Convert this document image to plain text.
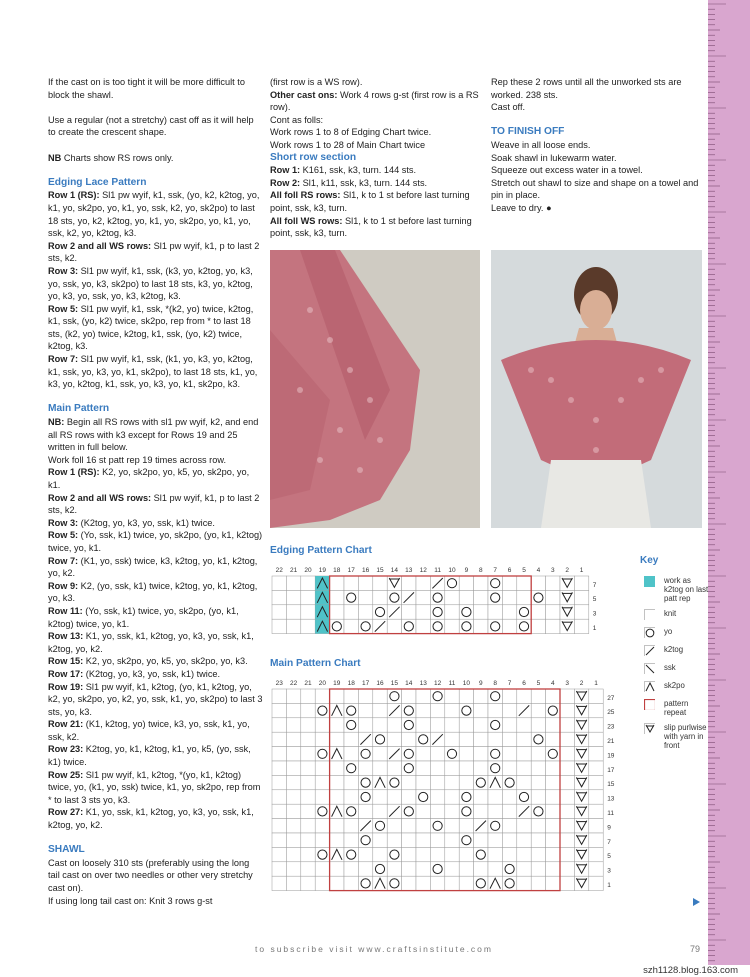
If the cast on is too tight it will be more difficult to block the shawl.

Use a regular (not a stretchy) cast off as it will help to create the crescent shape.

NB Charts show RS rows only.

Edging Lace Pattern

Row 1 (RS): Sl1 pw wyif, k1, ssk, (yo, k2, k2tog, yo, k1, yo, sk2po, yo, k1, yo, ssk, k2, yo, sk2po) to last 18 sts, yo, k2, k2tog, yo, k1, yo, sk2po, yo, k1, yo, ssk, k2, yo, k2tog, k3.

Row 2 and all WS rows: Sl1 pw wyif, k1, p to last 2 sts, k2.

Row 3: Sl1 pw wyif, k1, ssk, (k3, yo, k2tog, yo, k3, yo, ssk, yo, k3, sk2po) to last 18 sts, k3, yo, k2tog, yo, k3, yo, ssk, yo, k3, k2tog, k3.

Row 5: Sl1 pw wyif, k1, ssk, *(k2, yo) twice, k2tog, k1, ssk, (yo, k2) twice, sk2po, rep from * to last 18 sts, (k2, yo) twice, k2tog, k1, ssk, (yo, k2) twice, k2tog, k3.

Row 7: Sl1 pw wyif, k1, ssk, (k1, yo, k3, yo, k2tog, k1, ssk, yo, k3, yo, k1, sk2po), to last 18 sts, k1, yo, k3, yo, k2tog, k1, ssk, yo, k3, yo, k1, sk2po, k3.

Main Pattern

NB: Begin all RS rows with sl1 pw wyif, k2, and end all RS rows with k3 except for Rows 19 and 25 written in full below.

Work foll 16 st patt rep 19 times across row.

Row 1 (RS): K2, yo, sk2po, yo, k5, yo, sk2po, yo, k1.

Row 2 and all WS rows: Sl1 pw wyif, k1, p to last 2 sts, k2.

Row 3: (K2tog, yo, k3, yo, ssk, k1) twice.

Row 5: (Yo, ssk, k1) twice, yo, sk2po, (yo, k1, k2tog) twice, yo, k1.

Row 7: (K1, yo, ssk) twice, k3, k2tog, yo, k1, k2tog, yo, k2.

Row 9: K2, (yo, ssk, k1) twice, k2tog, yo, k1, k2tog, yo, k3.

Row 11: (Yo, ssk, k1) twice, yo, sk2po, (yo, k1, k2tog) twice, yo, k1.

Row 13: K1, yo, ssk, k1, k2tog, yo, k3, yo, ssk, k1, k2tog, yo, k2.

Row 15: K2, yo, sk2po, yo, k5, yo, sk2po, yo, k3.

Row 17: (K2tog, yo, k3, yo, ssk, k1) twice.

Row 19: Sl1 pw wyif, k1, k2tog, (yo, k1, k2tog, yo, k2, yo, sk2po, yo, k2, yo, ssk, k1, yo, sk2po) to last 3 sts, yo, k3.

Row 21: (K1, k2tog, yo) twice, k3, yo, ssk, k1, yo, ssk, k2.

Row 23: K2tog, yo, k1, k2tog, k1, yo, k5, (yo, ssk, k1) twice.

Row 25: Sl1 pw wyif, k1, k2tog, *(yo, k1, k2tog) twice, yo, (k1, yo, ssk) twice, k1, yo, sk2po, rep from * to last 3 sts yo, k3.

Row 27: K1, yo, ssk, k1, k2tog, yo, k3, yo, ssk, k1, k2tog, yo, k2.

SHAWL

Cast on loosely 310 sts (preferably using the long tail cast on over two needles or other very stretchy cast on).

If using long tail cast on: Knit 3 rows g-st

(first row is a WS row).

Other cast ons: Work 4 rows g-st (first row is a RS row).

Cont as folls:

Work rows 1 to 8 of Edging Chart twice.

Work rows 1 to 28 of Main Chart twice

Short row section

Row 1: K161, ssk, k3, turn. 144 sts.

Row 2: Sl1, k11, ssk, k3, turn. 144 sts.

All foll RS rows: Sl1, k to 1 st before last turning point, ssk, k3, turn.

All foll WS rows: Sl1, k to 1 st before last turning point, ssk, k3, turn.

Rep these 2 rows until all the unworked sts are worked. 238 sts.

Cast off.

TO FINISH OFF

Weave in all loose ends.

Soak shawl in lukewarm water.

Squeeze out excess water in a towel.

Stretch out shawl to size and shape on a towel and pin in place.

Leave to dry. ●

Edging Pattern Chart
22 21 20 19 18 17 16 15 14 13 12 11 10 9 8 7 6 5 4 3 2 1
7
5
3
1
Main Pattern Chart
23 22 21 20 19 18 17 16 15 14 13 12 11 10 9 8 7 6 5 4 3 2 1
27
25
23
21
19
17
15
13
11
9
7
5
3
1
Key
work as k2tog on last patt rep
knit
yo
k2tog
ssk
sk2po
pattern repeat
slip purlwise with yarn in front
to subscribe visit www.craftsinstitute.com	79
szh1128.blog.163.com
